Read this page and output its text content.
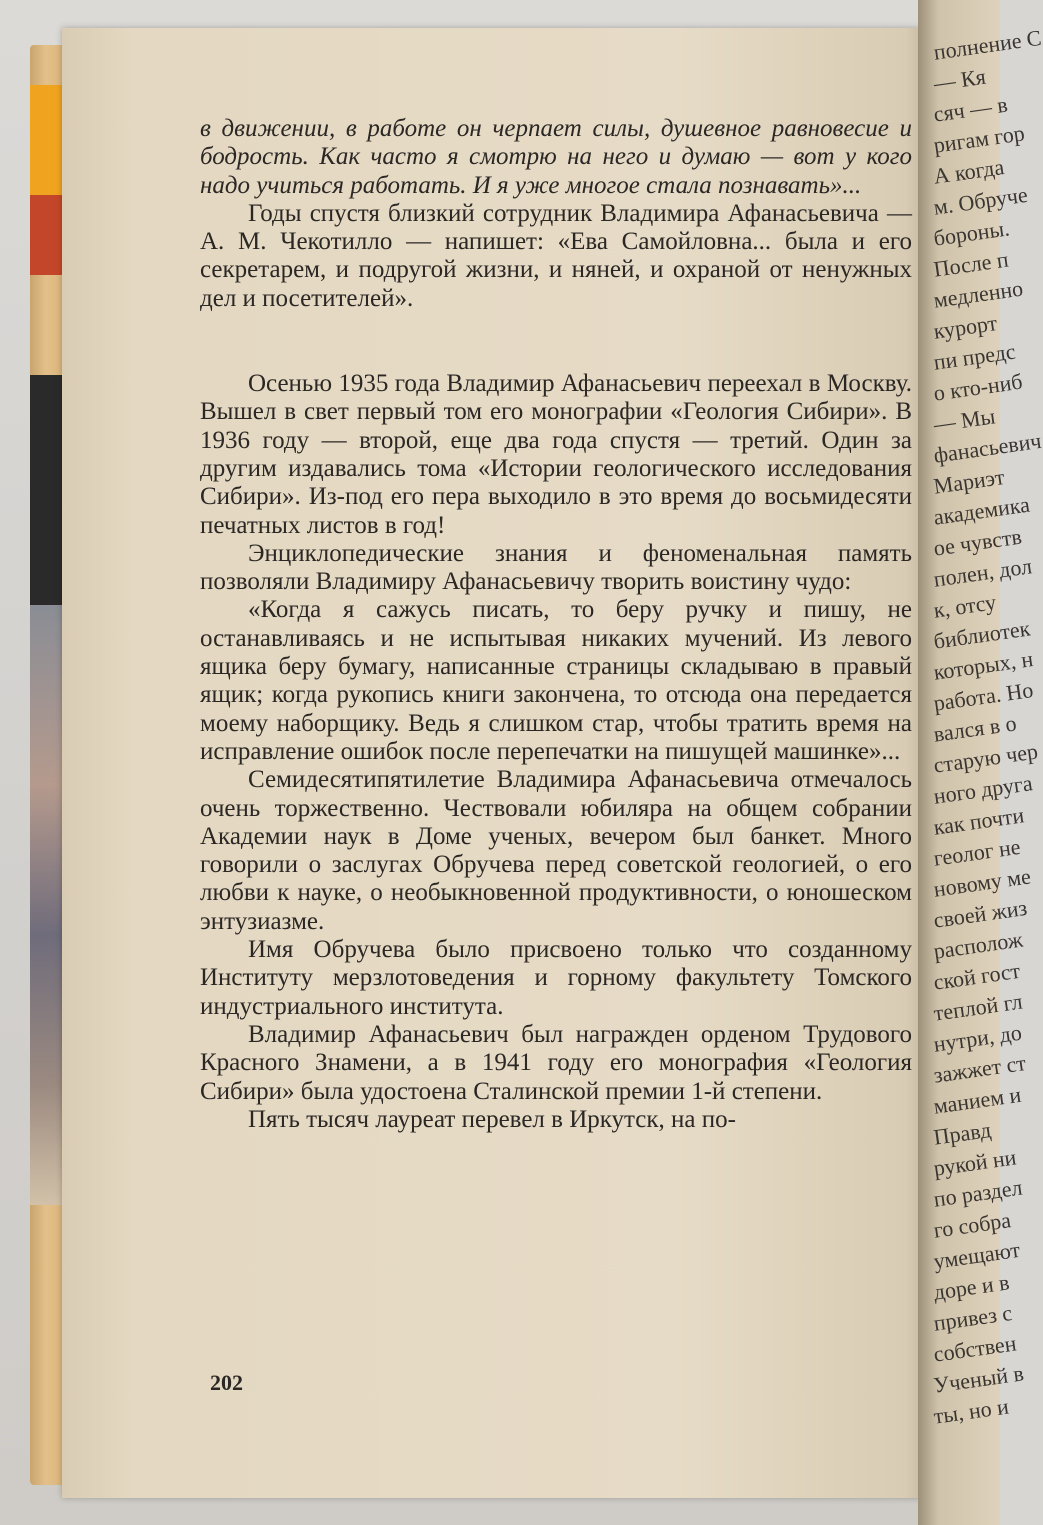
полнение С
— Кя
сяч — в
ригам гор
А когда
м. Обруче
бороны.
После п
медленно
курорт
пи предс
о кто-ниб
— Мы
фанасьевич
Мариэт
академика
ое чувств
полен, дол
к, отсу
библиотек
которых, н
работа. Но
вался в о
старую чер
ного друга
как почти
геолог не
новому ме
своей жиз
располож
ской гост
теплой гл
нутри, до
зажжет ст
манием и
Правд
рукой ни
по раздел
го собра
умещают
доре и в
привез с
собствен
Ученый в
ты, но и

в движении, в работе он черпает силы, душевное равновесие и бодрость. Как часто я смотрю на него и думаю — вот у кого надо учиться работать. И я уже многое стала познавать»...

Годы спустя близкий сотрудник Владимира Афанасьевича — А. М. Чекотилло — напишет: «Ева Самойловна... была и его секретарем, и подругой жизни, и няней, и охраной от ненужных дел и посетителей».

Осенью 1935 года Владимир Афанасьевич переехал в Москву. Вышел в свет первый том его монографии «Геология Сибири». В 1936 году — второй, еще два года спустя — третий. Один за другим издавались тома «Истории геологического исследования Сибири». Из-под его пера выходило в это время до восьмидесяти печатных листов в год!

Энциклопедические знания и феноменальная память позволяли Владимиру Афанасьевичу творить воистину чудо:

«Когда я сажусь писать, то беру ручку и пишу, не останавливаясь и не испытывая никаких мучений. Из левого ящика беру бумагу, написанные страницы складываю в правый ящик; когда рукопись книги закончена, то отсюда она передается моему наборщику. Ведь я слишком стар, чтобы тратить время на исправление ошибок после перепечатки на пишущей машинке»...

Семидесятипятилетие Владимира Афанасьевича отмечалось очень торжественно. Чествовали юбиляра на общем собрании Академии наук в Доме ученых, вечером был банкет. Много говорили о заслугах Обручева перед советской геологией, о его любви к науке, о необыкновенной продуктивности, о юношеском энтузиазме.

Имя Обручева было присвоено только что созданному Институту мерзлотоведения и горному факультету Томского индустриального института.

Владимир Афанасьевич был награжден орденом Трудового Красного Знамени, а в 1941 году его монография «Геология Сибири» была удостоена Сталинской премии 1-й степени.

Пять тысяч лауреат перевел в Иркутск, на по-

202
